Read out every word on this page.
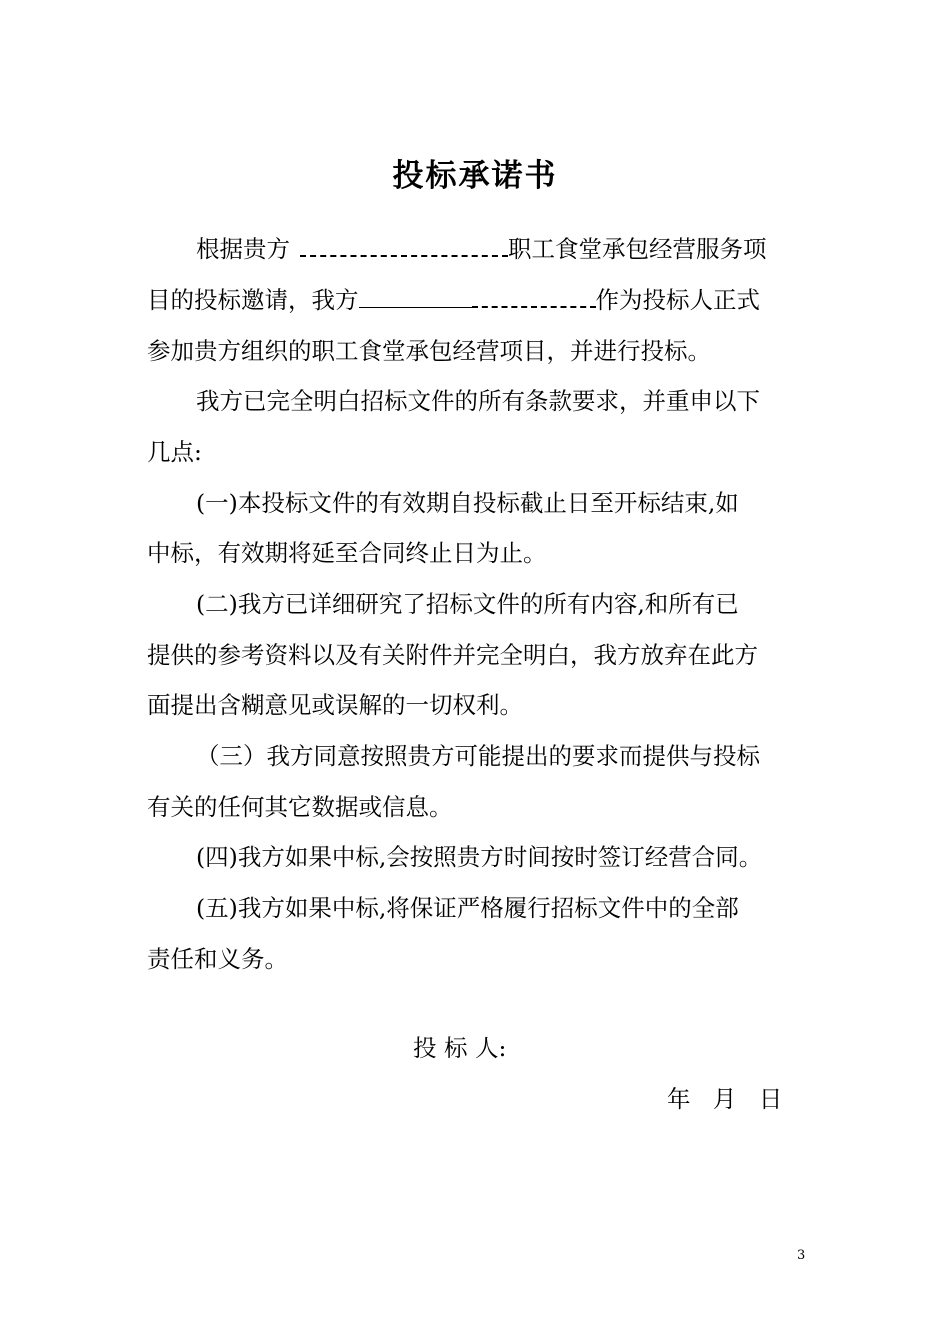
投标承诺书
根据贵方	职工食堂承包经营服务项
目的投标邀请，我方	作为投标人正式
参加贵方组织的职工食堂承包经营项目，并进行投标。
我方已完全明白招标文件的所有条款要求，并重申以下
几点:
(一)本投标文件的有效期自投标截止日至开标结束,如
中标，有效期将延至合同终止日为止。
(二)我方已详细研究了招标文件的所有内容,和所有已
提供的参考资料以及有关附件并完全明白，我方放弃在此方
面提出含糊意见或误解的一切权利。
（三）我方同意按照贵方可能提出的要求而提供与投标
有关的任何其它数据或信息。
(四)我方如果中标,会按照贵方时间按时签订经营合同。
(五)我方如果中标,将保证严格履行招标文件中的全部
责任和义务。
投 标 人:
年   月   日
3
